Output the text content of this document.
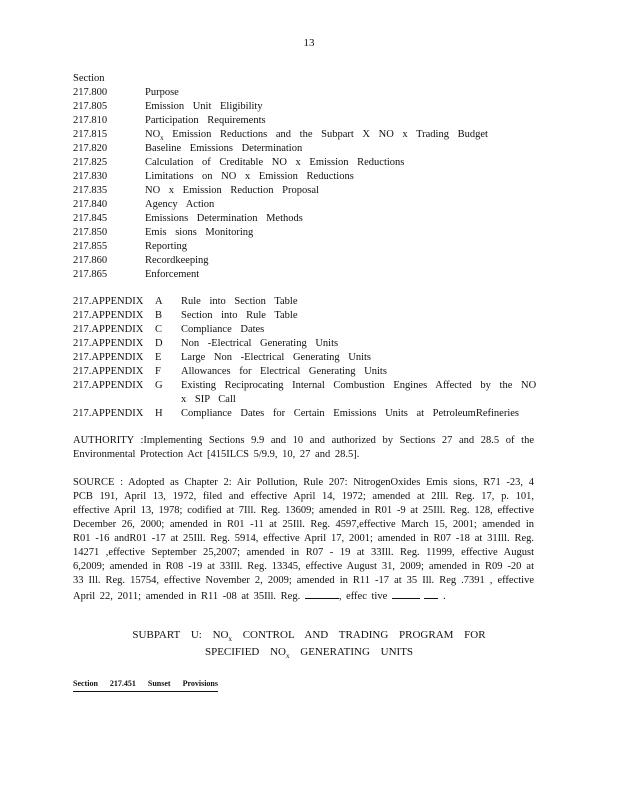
13
Section
217.800	Purpose
217.805	Emission Unit Eligibility
217.810	Participation Requirements
217.815	$NO_x$ Emission Reductions and the Subpart X NO x Trading Budget
217.820	Baseline Emissions Determination
217.825	Calculation of Creditable NO x Emission Reductions
217.830	Limitations on NO x Emission Reductions
217.835	NO x Emission Reduction Proposal
217.840	Agency Action
217.845	Emissions Determination Methods
217.850	Emis sions Monitoring
217.855	Reporting
217.860	Recordkeeping
217.865	Enforcement
217.APPENDIX	A	Rule into Section Table
217.APPENDIX	B	Section into Rule Table
217.APPENDIX	C	Compliance Dates
217.APPENDIX	D	Non -Electrical Generating Units
217.APPENDIX	E	Large Non -Electrical Generating Units
217.APPENDIX	F	Allowances for Electrical Generating Units
217.APPENDIX	G	Existing Reciprocating Internal Combustion Engines Affected by the NO x SIP Call
217.APPENDIX	H	Compliance Dates for Certain Emissions Units at PetroleumRefineries
AUTHORITY :Implementing Sections 9.9 and 10 and authorized by Sections 27 and 28.5 of the Environmental Protection Act [415ILCS 5/9.9, 10, 27 and 28.5].
SOURCE : Adopted as Chapter 2: Air Pollution, Rule 207: NitrogenOxides Emis sions, R71 -23, 4 PCB 191, April 13, 1972, filed and effective April 14, 1972; amended at 2Ill. Reg. 17, p. 101, effective April 13, 1978; codified at 7Ill. Reg. 13609; amended in R01 -9 at 25Ill. Reg. 128, effective December 26, 2000; amended in R01 -11 at 25Ill. Reg. 4597,effective March 15, 2001; amended in R01 -16 andR01 -17 at 25Ill. Reg. 5914, effective April 17, 2001; amended in R07 -18 at 31Ill. Reg. 14271 ,effective September 25,2007; amended in R07 - 19 at 33Ill. Reg. 11999, effective August 6,2009; amended in R08 -19 at 33Ill. Reg. 13345, effective August 31, 2009; amended in R09 -20 at 33 Ill. Reg. 15754, effective November 2, 2009; amended in R11 -17 at 35 Ill. Reg .7391 , effective April 22, 2011; amended in R11 -08 at 35Ill. Reg.	, effec tive	.
SUBPART U: $NO_x$ CONTROL AND TRADING PROGRAM FOR
SPECIFIED $NO_x$ GENERATING UNITS
Section 217.451 Sunset Provisions
